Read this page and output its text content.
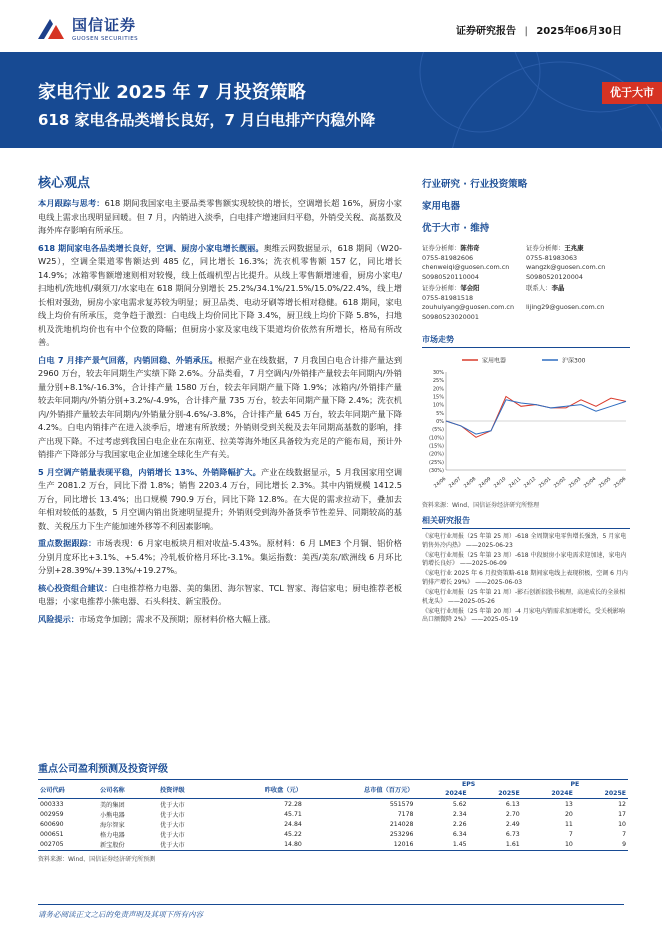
国信证券
GUOSEN SECURITIES
证券研究报告 | 2025年06月30日
家电行业 2025 年 7 月投资策略
618 家电各品类增长良好，7 月白电排产内稳外降
优于大市
核心观点
本月跟踪与思考：618 期间我国家电主要品类零售额实现较快的增长，空调增长超 16%，厨房小家电线上需求出现明显回暖。但 7 月，内销进入淡季，白电排产增速回归平稳，外销受关税、高基数及海外库存影响有所承压。
618 期间家电各品类增长良好，空调、厨房小家电增长靓丽。奥维云网数据显示，618 期间（W20-W25），空调全渠道零售额达到 485 亿，同比增长 16.3%；洗衣机零售额 157 亿，同比增长 14.9%；冰箱零售额增速则相对较慢，线上低端机型占比提升。从线上零售额增速看，厨房小家电/扫地机/洗地机/剃须刀/水家电在 618 期间分别增长 25.2%/34.1%/21.5%/15.0%/22.4%，线上增长相对强劲，厨房小家电需求复苏较为明显；厨卫品类、电动牙刷等增长相对稳健。618 期间，家电线上均价有所承压，竞争趋于激烈：白电线上均价同比下降 3.4%，厨卫线上均价下降 5.8%，扫地机及洗地机均价也有中个位数的降幅；但厨房小家及家电线下渠道均价依然有所增长，格局有所改善。
白电 7 月排产景气回落，内销回稳、外销承压。根据产业在线数据，7 月我国白电合计排产量达到 2960 万台，较去年同期生产实绩下降 2.6%。分品类看，7 月空调内/外销排产量较去年同期内/外销量分别+8.1%/-16.3%，合计排产量 1580 万台，较去年同期产量下降 1.9%；冰箱内/外销排产量较去年同期内/外销分别+3.2%/-4.9%，合计排产量 735 万台，较去年同期产量下降 2.4%；洗衣机内/外销排产量较去年同期内/外销量分别-4.6%/-3.8%，合计排产量 645 万台，较去年同期产量下降 4.2%。白电内销排产在进入淡季后，增速有所放缓；外销则受到关税及去年同期高基数的影响，排产出现下降。不过考虑到我国白电企业在东南亚、拉美等海外地区具备较为充足的产能布局，预计外销排产下降部分与我国家电企业加速全球化生产有关。
5 月空调产销量表现平稳，内销增长 13%、外销降幅扩大。产业在线数据显示，5 月我国家用空调生产 2081.2 万台，同比下滑 1.8%；销售 2203.4 万台，同比增长 2.3%。其中内销规模 1412.5 万台，同比增长 13.4%；出口规模 790.9 万台，同比下降 12.8%。在大促的需求拉动下，叠加去年相对较低的基数，5 月空调内销出货速明显提升；外销则受到海外备货季节性差异、同期较高的基数、关税压力下生产能加速外移等不利因素影响。
重点数据跟踪：市场表现：6 月家电板块月相对收益-5.43%。原材料：6 月 LME3 个月铜、铝价格分别月度环比+3.1%、+5.4%；冷轧板价格月环比-3.1%。集运指数：美西/美东/欧洲线 6 月环比分别+28.39%/+39.13%/+19.27%。
核心投资组合建议：白电推荐格力电器、美的集团、海尔智家、TCL 智家、海信家电；厨电推荐老板电器；小家电推荐小熊电器、石头科技、新宝股份。
风险提示：市场竞争加剧；需求不及预期；原材料价格大幅上涨。
行业研究 · 行业投资策略
家用电器
优于大市 · 维持
证券分析师：陈伟奇
0755-81982606
chenweiqi@guosen.com.cn
S0980520110004
证券分析师：王兆康
0755-81983063
wangzk@guosen.com.cn
S0980520120004
证券分析师：邹会阳
0755-81981518
zouhuiyang@guosen.com.cn
S0980523020001
联系人：李晶
lijing29@guosen.com.cn
市场走势
家用电器	沪深300
30%
25%
20%
15%
10%
5%
0%
(5%)
(10%)
(15%)
(20%)
(25%)
(30%)
24/06 24/07 24/08 24/09 24/10 24/11 24/12 25/01 25/02 25/03 25/04 25/05 25/06
资料来源：Wind、国信证券经济研究所整理
相关研究报告
《家电行业周报（25 年第 25 周）-618 全周期家电零售增长强劲，5 月家电销售外冷内热》 ——2025-06-23
《家电行业周报（25 年第 23 周）-618 中段厨房小家电需求迎加速，家电内销增长良好》 ——2025-06-09
《家电行业 2025 年 6 月投资策略-618 期间家电线上表现积极，空调 6 月内销排产增长 29%》 ——2025-06-03
《家电行业周报（25 年第 21 周）-影石创新招股书梳理，高速成长的全景相机龙头》 ——2025-05-26
《家电行业周报（25 年第 20 周）-4 月家电内销需求加速增长，受关税影响出口额微降 2%》 ——2025-05-19
重点公司盈利预测及投资评级
公司代码	公司名称	投资评级	昨收盘（元）	总市值（百万元）	EPS		PE	
					2024E	2025E	2024E	2025E
000333	美的集团	优于大市	72.28	551579	5.62	6.13	13	12
002959	小熊电器	优于大市	45.71	7178	2.34	2.70	20	17
600690	海尔智家	优于大市	24.84	214028	2.26	2.49	11	10
000651	格力电器	优于大市	45.22	253296	6.34	6.73	7	7
002705	新宝股份	优于大市	14.80	12016	1.45	1.61	10	9
资料来源：Wind、国信证券经济研究所预测
请务必阅读正文之后的免责声明及其项下所有内容
